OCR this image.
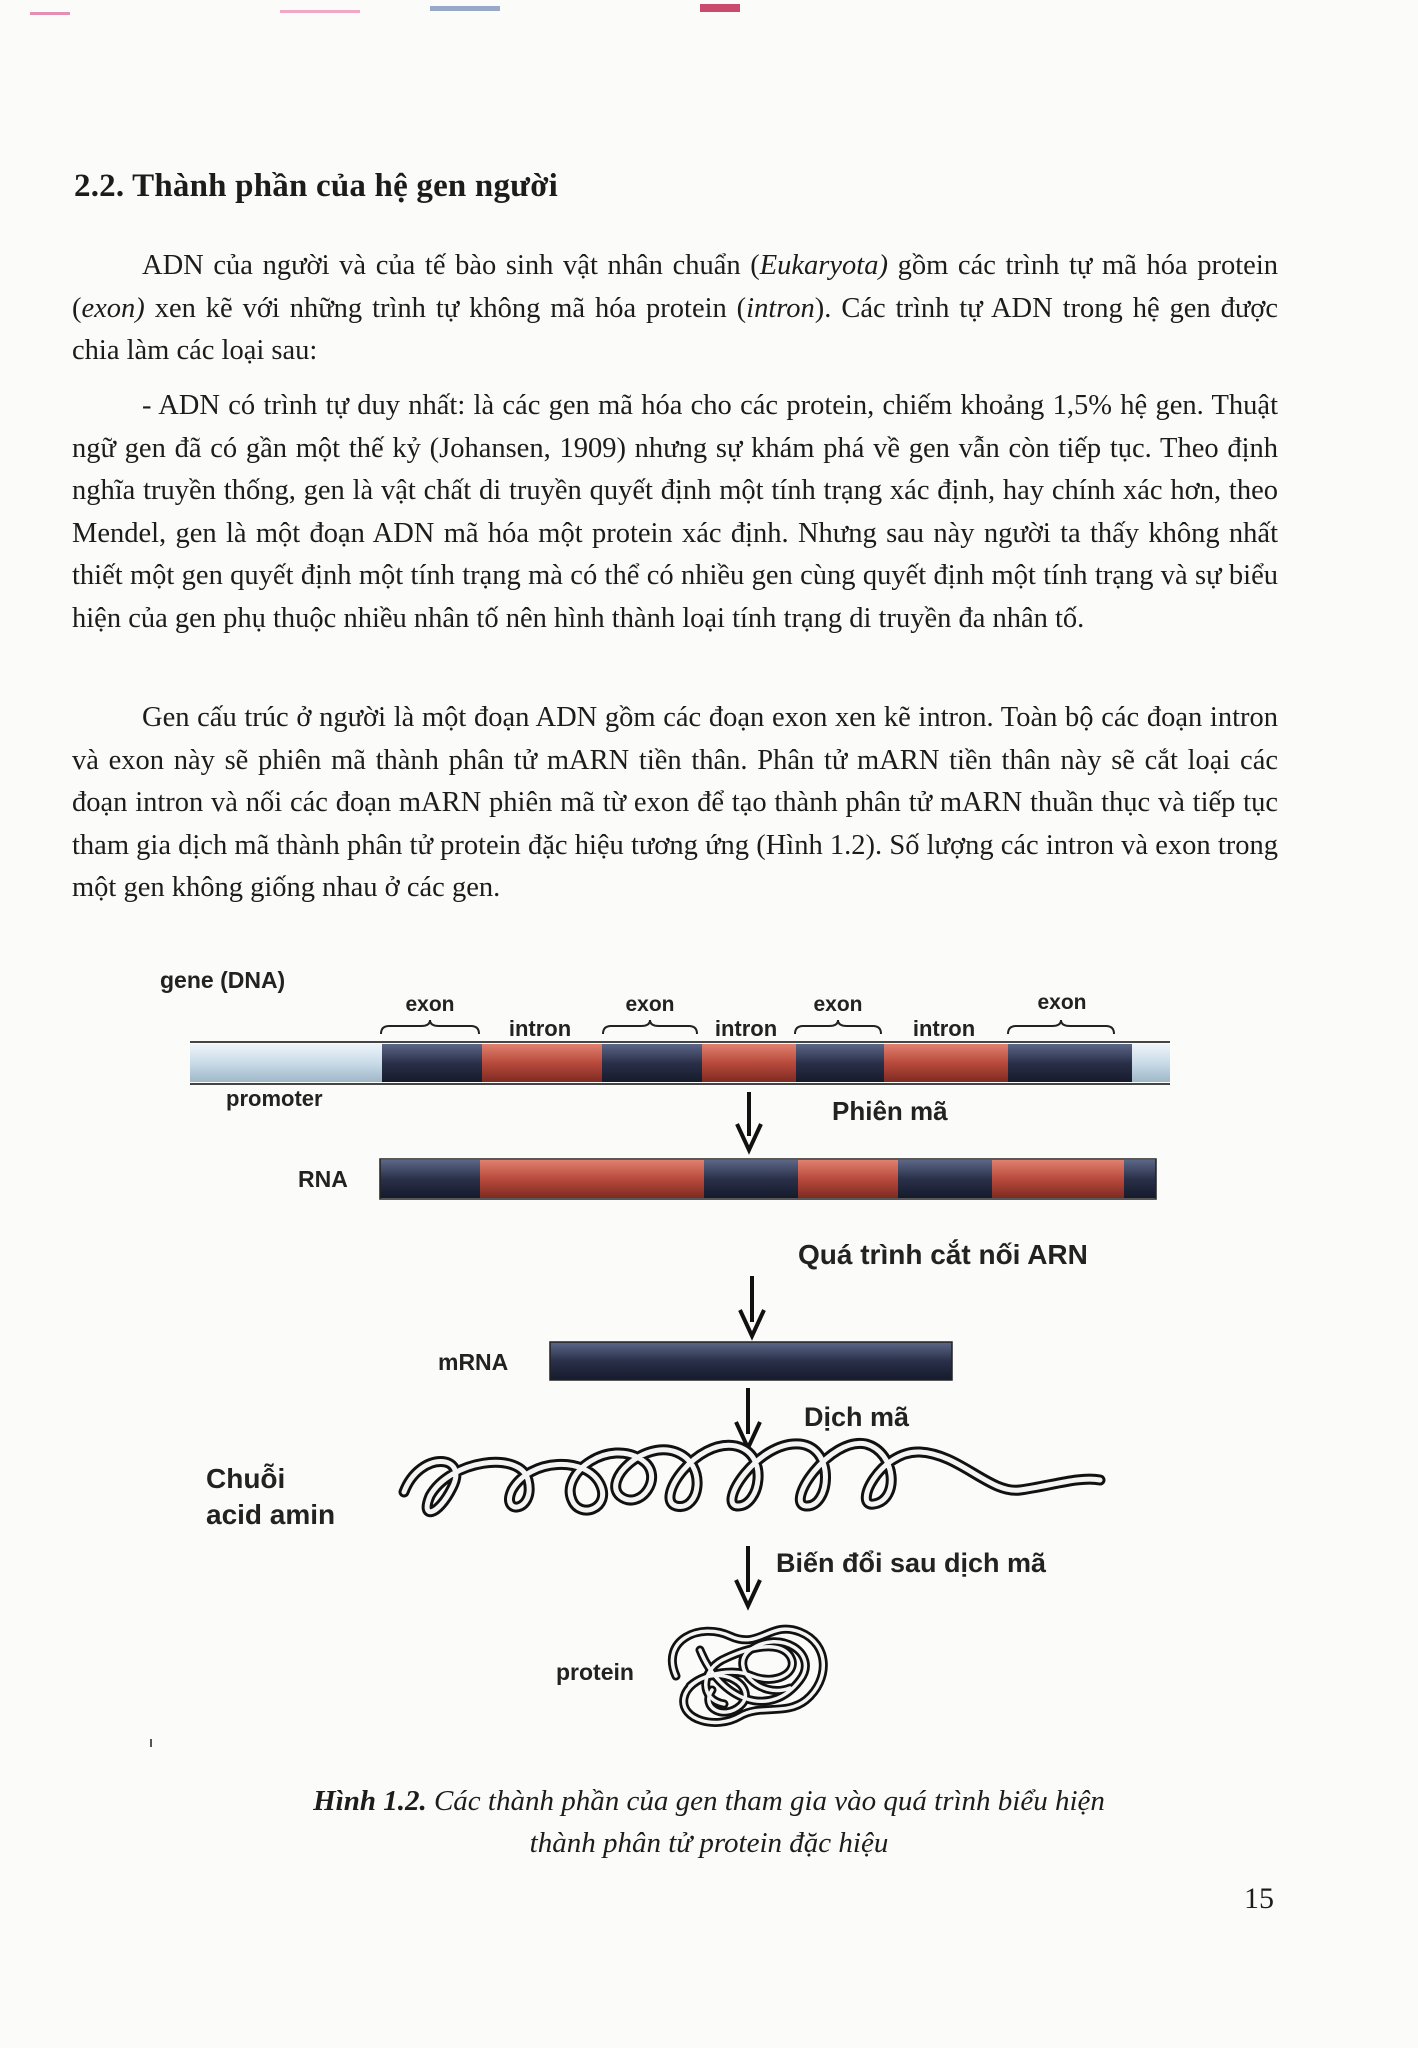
2.2. Thành phần của hệ gen người

ADN của người và của tế bào sinh vật nhân chuẩn (Eukaryota) gồm các trình tự mã hóa protein (exon) xen kẽ với những trình tự không mã hóa protein (intron). Các trình tự ADN trong hệ gen được chia làm các loại sau:

- ADN có trình tự duy nhất: là các gen mã hóa cho các protein, chiếm khoảng 1,5% hệ gen. Thuật ngữ gen đã có gần một thế kỷ (Johansen, 1909) nhưng sự khám phá về gen vẫn còn tiếp tục. Theo định nghĩa truyền thống, gen là vật chất di truyền quyết định một tính trạng xác định, hay chính xác hơn, theo Mendel, gen là một đoạn ADN mã hóa một protein xác định. Nhưng sau này người ta thấy không nhất thiết một gen quyết định một tính trạng mà có thể có nhiều gen cùng quyết định một tính trạng và sự biểu hiện của gen phụ thuộc nhiều nhân tố nên hình thành loại tính trạng di truyền đa nhân tố.

Gen cấu trúc ở người là một đoạn ADN gồm các đoạn exon xen kẽ intron. Toàn bộ các đoạn intron và exon này sẽ phiên mã thành phân tử mARN tiền thân. Phân tử mARN tiền thân này sẽ cắt loại các đoạn intron và nối các đoạn mARN phiên mã từ exon để tạo thành phân tử mARN thuần thục và tiếp tục tham gia dịch mã thành phân tử protein đặc hiệu tương ứng (Hình 1.2). Số lượng các intron và exon trong một gen không giống nhau ở các gen.

gene (DNA)
exon	exon	exon	exon
intron	intron	intron
promoter	Phiên mã
RNA
Quá trình cắt nối ARN
mRNA
Dịch mã
Chuỗi
acid amin
Biến đổi sau dịch mã
protein
Hình 1.2. Các thành phần của gen tham gia vào quá trình biểu hiện
thành phân tử protein đặc hiệu
15
